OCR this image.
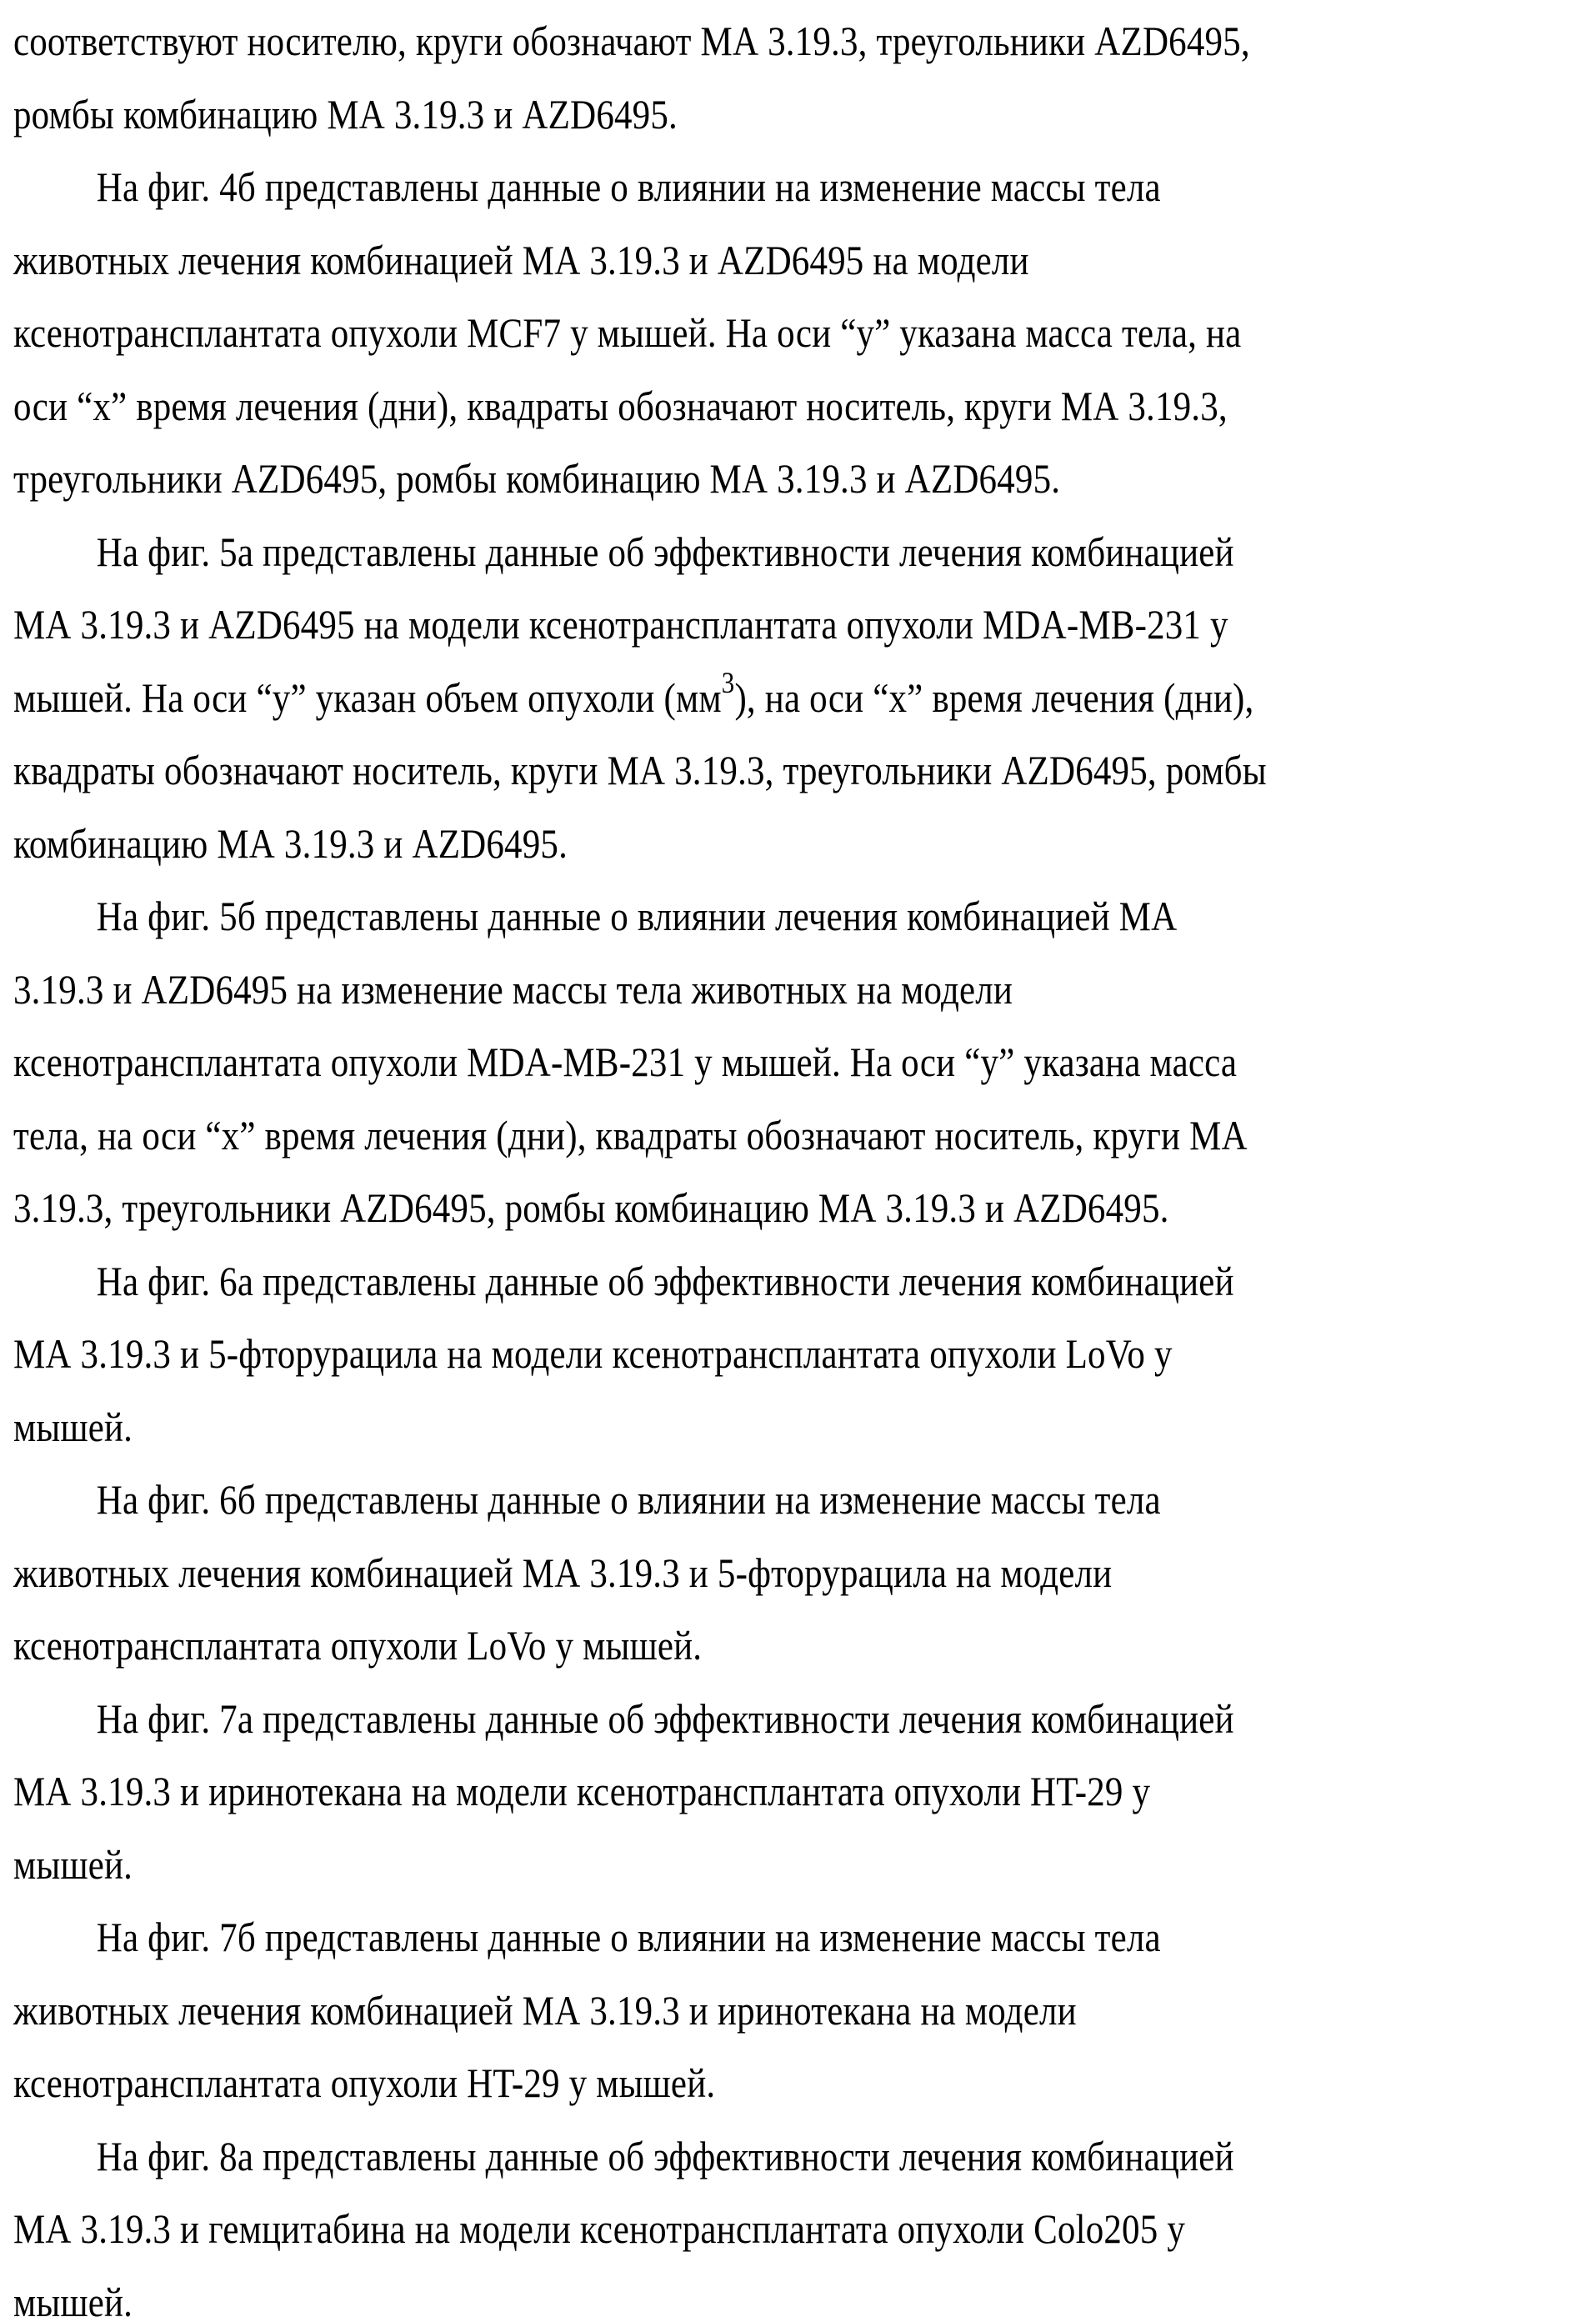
соответствуют носителю, круги обозначают МА 3.19.3, треугольники AZD6495,
ромбы комбинацию МА 3.19.3 и AZD6495.
На фиг. 4б представлены данные о влиянии на изменение массы тела
животных лечения комбинацией МА 3.19.3 и AZD6495 на модели
ксенотрансплантата опухоли MCF7 у мышей. На оси “у” указана масса тела, на
оси “х” время лечения (дни), квадраты обозначают носитель, круги МА 3.19.3,
треугольники AZD6495, ромбы комбинацию МА 3.19.3 и AZD6495.
На фиг. 5а представлены данные об эффективности лечения комбинацией
МА 3.19.3 и AZD6495 на модели ксенотрансплантата опухоли MDA-MB-231 у
мышей. На оси “у” указан объем опухоли $(мм^3)$, на оси “х” время лечения (дни),
квадраты обозначают носитель, круги МА 3.19.3, треугольники AZD6495, ромбы
комбинацию МА 3.19.3 и AZD6495.
На фиг. 5б представлены данные о влиянии лечения комбинацией МА
3.19.3 и AZD6495 на изменение массы тела животных на модели
ксенотрансплантата опухоли MDA-MB-231 у мышей. На оси “у” указана масса
тела, на оси “х” время лечения (дни), квадраты обозначают носитель, круги МА
3.19.3, треугольники AZD6495, ромбы комбинацию МА 3.19.3 и AZD6495.
На фиг. 6а представлены данные об эффективности лечения комбинацией
МА 3.19.3 и 5-фторурацила на модели ксенотрансплантата опухоли LoVo у
мышей.
На фиг. 6б представлены данные о влиянии на изменение массы тела
животных лечения комбинацией МА 3.19.3 и 5-фторурацила на модели
ксенотрансплантата опухоли LoVo у мышей.
На фиг. 7а представлены данные об эффективности лечения комбинацией
МА 3.19.3 и иринотекана на модели ксенотрансплантата опухоли HT-29 у
мышей.
На фиг. 7б представлены данные о влиянии на изменение массы тела
животных лечения комбинацией МА 3.19.3 и иринотекана на модели
ксенотрансплантата опухоли HT-29 у мышей.
На фиг. 8а представлены данные об эффективности лечения комбинацией
МА 3.19.3 и гемцитабина на модели ксенотрансплантата опухоли Colo205 у
мышей.
